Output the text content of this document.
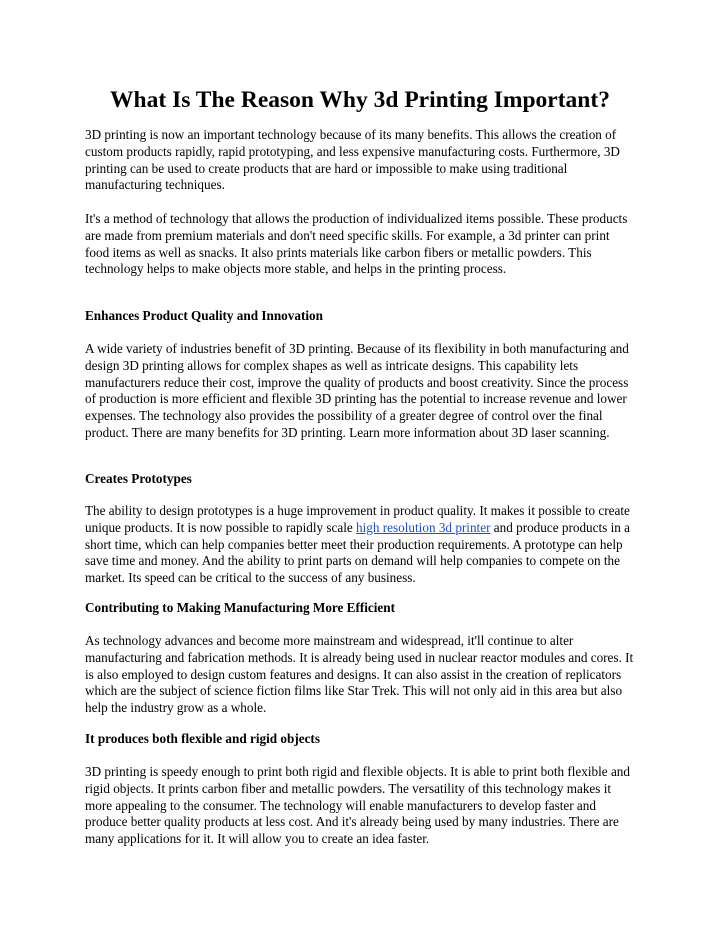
What Is The Reason Why 3d Printing Important?

3D printing is now an important technology because of its many benefits. This allows the creation of custom products rapidly, rapid prototyping, and less expensive manufacturing costs. Furthermore, 3D printing can be used to create products that are hard or impossible to make using traditional manufacturing techniques.

It's a method of technology that allows the production of individualized items possible. These products are made from premium materials and don't need specific skills. For example, a 3d printer can print food items as well as snacks. It also prints materials like carbon fibers or metallic powders. This technology helps to make objects more stable, and helps in the printing process.

Enhances Product Quality and Innovation

A wide variety of industries benefit of 3D printing. Because of its flexibility in both manufacturing and design 3D printing allows for complex shapes as well as intricate designs. This capability lets manufacturers reduce their cost, improve the quality of products and boost creativity. Since the process of production is more efficient and flexible 3D printing has the potential to increase revenue and lower expenses. The technology also provides the possibility of a greater degree of control over the final product. There are many benefits for 3D printing. Learn more information about 3D laser scanning.

Creates Prototypes

The ability to design prototypes is a huge improvement in product quality. It makes it possible to create unique products. It is now possible to rapidly scale high resolution 3d printer and produce products in a short time, which can help companies better meet their production requirements. A prototype can help save time and money. And the ability to print parts on demand will help companies to compete on the market. Its speed can be critical to the success of any business.

Contributing to Making Manufacturing More Efficient

As technology advances and become more mainstream and widespread, it'll continue to alter manufacturing and fabrication methods. It is already being used in nuclear reactor modules and cores. It is also employed to design custom features and designs. It can also assist in the creation of replicators which are the subject of science fiction films like Star Trek. This will not only aid in this area but also help the industry grow as a whole.

It produces both flexible and rigid objects

3D printing is speedy enough to print both rigid and flexible objects. It is able to print both flexible and rigid objects. It prints carbon fiber and metallic powders. The versatility of this technology makes it more appealing to the consumer. The technology will enable manufacturers to develop faster and produce better quality products at less cost. And it's already being used by many industries. There are many applications for it. It will allow you to create an idea faster.
